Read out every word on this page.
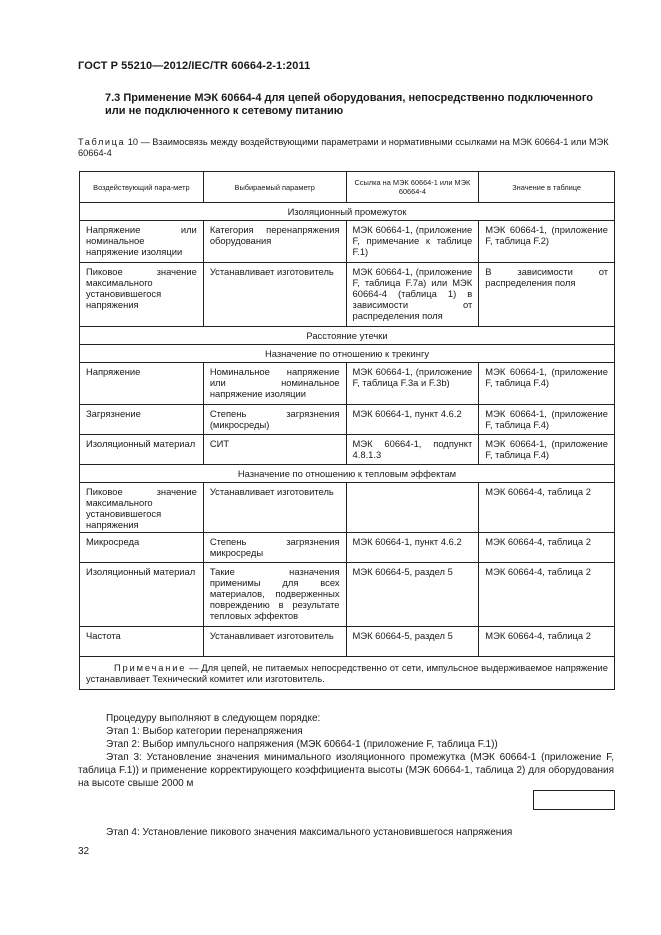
ГОСТ Р 55210—2012/IEC/TR 60664-2-1:2011
7.3 Применение МЭК 60664-4 для цепей оборудования, непосредственно подключенного или не подключенного к сетевому питанию
Таблица 10 — Взаимосвязь между воздействующими параметрами и нормативными ссылками на МЭК 60664-1 или МЭК 60664-4
Воздействующий пара-метр	Выбираемый параметр	Ссылка на МЭК 60664-1 или МЭК 60664-4	Значение в таблице
Изоляционный промежуток			
Напряжение или номинальное напряжение изоляции	Категория перенапряжения оборудования	МЭК 60664-1, (приложение F, примечание к таблице F.1)	МЭК 60664-1, (приложение F, таблица F.2)
Пиковое значение максимального установившегося напряжения	Устанавливает изготовитель	МЭК 60664-1, (приложение F, таблица F.7а) или МЭК 60664-4 (таблица 1) в зависимости от распределения поля	В зависимости от распределения поля
Расстояние утечки			
Назначение по отношению к трекингу			
Напряжение	Номинальное напряжение или номинальное напряжение изоляции	МЭК 60664-1, (приложение F, таблица F.3a и F.3b)	МЭК 60664-1, (приложение F, таблица F.4)
Загрязнение	Степень загрязнения (микросреды)	МЭК 60664-1, пункт 4.6.2	МЭК 60664-1, (приложение F, таблица F.4)
Изоляционный материал	СИТ	МЭК 60664-1, подпункт 4.8.1.3	МЭК 60664-1, (приложение F, таблица F.4)
Назначение по отношению к тепловым эффектам			
Пиковое значение максимального установившегося напряжения	Устанавливает изготовитель		МЭК 60664-4, таблица 2
Микросреда	Степень загрязнения микросреды	МЭК 60664-1, пункт 4.6.2	МЭК 60664-4, таблица 2
Изоляционный материал	Такие назначения применимы для всех материалов, подверженных повреждению в результате тепловых эффектов	МЭК 60664-5, раздел 5	МЭК 60664-4, таблица 2
Частота	Устанавливает изготовитель	МЭК 60664-5, раздел 5	МЭК 60664-4, таблица 2
Примечание — Для цепей, не питаемых непосредственно от сети, импульсное выдерживаемое напряжение устанавливает Технический комитет или изготовитель.			
Процедуру выполняют в следующем порядке:
Этап 1: Выбор категории перенапряжения
Этап 2: Выбор импульсного напряжения (МЭК 60664-1 (приложение F, таблица F.1))
Этап 3: Установление значения минимального изоляционного промежутка (МЭК 60664-1 (приложение F, таблица F.1)) и применение корректирующего коэффициента высоты (МЭК 60664-1, таблица 2) для оборудования на высоте свыше 2000 м
Этап 4: Установление пикового значения максимального установившегося напряжения
32
